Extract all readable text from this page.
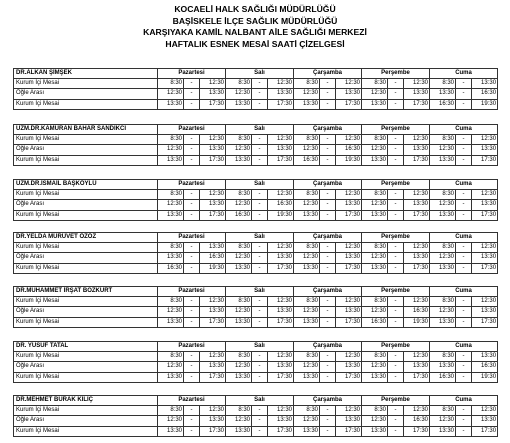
KOCAELİ HALK SAĞLIĞI MÜDÜRLÜĞÜ
BAŞİSKELE İLÇE SAĞLIK MÜDÜRLÜĞÜ
KARŞIYAKA KAMİL NALBANT AİLE SAĞLIĞI MERKEZİ
HAFTALIK ESNEK MESAİ SAATİ ÇİZELGESİ
DR.ALKAN ŞİMŞEK	Pazartesi			Salı			Çarşamba			Perşembe			Cuma		
Kurum İçi Mesai	8:30	-	12:30	8:30	-	12:30	8:30	-	12:30	8:30	-	12:30	8:30	-	13:30
Öğle Arası	12:30	-	13:30	12:30	-	13:30	12:30	-	13:30	12:30	-	13:30	13:30	-	16:30
Kurum İçi Mesai	13:30	-	17:30	13:30	-	17:30	13:30	-	17:30	13:30	-	17:30	16:30	-	19:30
UZM.DR.KAMURAN BAHAR SANDIKCI	Pazartesi			Salı			Çarşamba			Perşembe			Cuma		
Kurum İçi Mesai	8:30	-	12:30	8:30	-	12:30	8:30	-	12:30	8:30	-	12:30	8:30	-	12:30
Öğle Arası	12:30	-	13:30	12:30	-	13:30	12:30	-	16:30	12:30	-	13:30	12:30	-	13:30
Kurum İçi Mesai	13:30	-	17:30	13:30	-	17:30	16:30	-	19:30	13:30	-	17:30	13:30	-	17:30
UZM.DR.İSMAİL BAŞKÖYLÜ	Pazartesi			Salı			Çarşamba			Perşembe			Cuma		
Kurum İçi Mesai	8:30	-	12:30	8:30	-	12:30	8:30	-	12:30	8:30	-	12:30	8:30	-	12:30
Öğle Arası	12:30	-	13:30	12:30	-	16:30	12:30	-	13:30	12:30	-	13:30	12:30	-	13:30
Kurum İçi Mesai	13:30	-	17:30	16:30	-	19:30	13:30	-	17:30	13:30	-	17:30	13:30	-	17:30
DR.YELDA MÜRÜVET ÖZÖZ	Pazartesi			Salı			Çarşamba			Perşembe			Cuma		
Kurum İçi Mesai	8:30	-	13:30	8:30	-	12:30	8:30	-	12:30	8:30	-	12:30	8:30	-	12:30
Öğle Arası	13:30	-	16:30	12:30	-	13:30	12:30	-	13:30	12:30	-	13:30	12:30	-	13:30
Kurum İçi Mesai	16:30	-	19:30	13:30	-	17:30	13:30	-	17:30	13:30	-	17:30	13:30	-	17:30
DR.MUHAMMET İRŞAT BOZKURT	Pazartesi			Salı			Çarşamba			Perşembe			Cuma		
Kurum İçi Mesai	8:30	-	12:30	8:30	-	12:30	8:30	-	12:30	8:30	-	12:30	8:30	-	12:30
Öğle Arası	12:30	-	13:30	12:30	-	13:30	12:30	-	13:30	12:30	-	16:30	12:30	-	13:30
Kurum İçi Mesai	13:30	-	17:30	13:30	-	17:30	13:30	-	17:30	16:30	-	19:30	13:30	-	17:30
DR. YUSUF TATAL	Pazartesi			Salı			Çarşamba			Perşembe			Cuma		
Kurum İçi Mesai	8:30	-	12:30	8:30	-	12:30	8:30	-	12:30	8:30	-	12:30	8:30	-	13:30
Öğle Arası	12:30	-	13:30	12:30	-	13:30	12:30	-	13:30	12:30	-	13:30	13:30	-	16:30
Kurum İçi Mesai	13:30	-	17:30	13:30	-	17:30	13:30	-	17:30	13:30	-	17:30	16:30	-	19:30
DR.MEHMET BURAK KILIÇ	Pazartesi			Salı			Çarşamba			Perşembe			Cuma		
Kurum İçi Mesai	8:30	-	12:30	8:30	-	12:30	8:30	-	12:30	8:30	-	12:30	8:30	-	12:30
Öğle Arası	12:30	-	13:30	12:30	-	13:30	12:30	-	13:30	12:30	-	16:30	12:30	-	13:30
Kurum İçi Mesai	13:30	-	17:30	13:30	-	17:30	13:30	-	17:30	13:30	-	17:30	13:30	-	17:30
